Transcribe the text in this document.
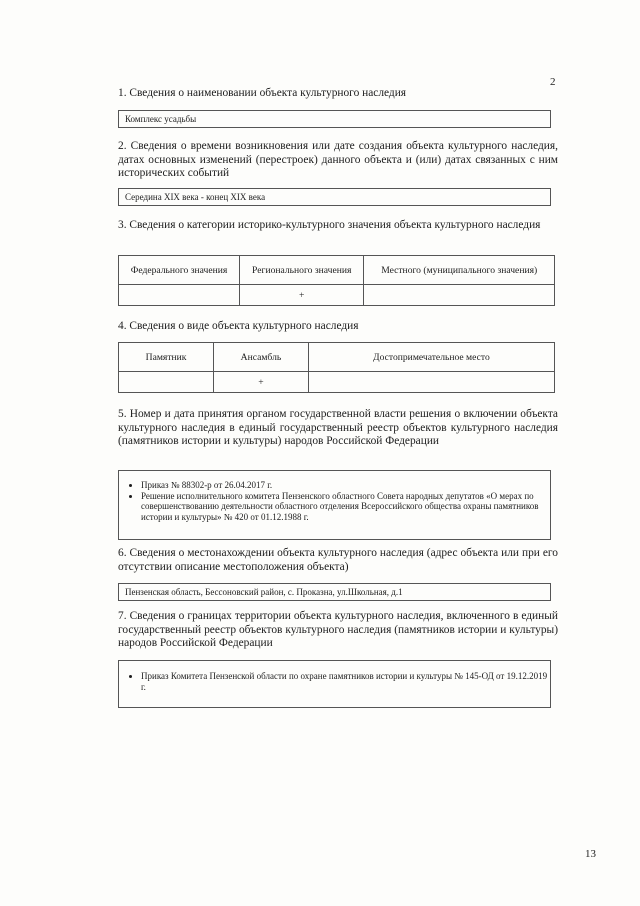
2

1. Сведения о наименовании объекта культурного наследия

Комплекс усадьбы

2. Сведения о времени возникновения или дате создания объекта культурного наследия, датах основных изменений (перестроек) данного объекта и (или) датах связанных с ним исторических событий

Середина XIX века - конец XIX века

3. Сведения о категории историко-культурного значения объекта культурного наследия

Федерального значения	Регионального значения	Местного (муниципального значения)
	+	

4. Сведения о виде объекта культурного наследия

Памятник	Ансамбль	Достопримечательное место
	+	

5. Номер и дата принятия органом государственной власти решения о включении объекта культурного наследия в единый государственный реестр объектов культурного наследия (памятников истории и культуры) народов Российской Федерации

• Приказ № 88302-р от 26.04.2017 г.
• Решение исполнительного комитета Пензенского областного Совета народных депутатов «О мерах по совершенствованию деятельности областного отделения Всероссийского общества охраны памятников истории и культуры» № 420 от 01.12.1988 г.

6. Сведения о местонахождении объекта культурного наследия (адрес объекта или при его отсутствии описание местоположения объекта)

Пензенская область, Бессоновский район, с. Проказна, ул.Школьная, д.1

7. Сведения о границах территории объекта культурного наследия, включенного в единый государственный реестр объектов культурного наследия (памятников истории и культуры) народов Российской Федерации

• Приказ Комитета Пензенской области по охране памятников истории и культуры № 145-ОД от 19.12.2019 г.
13
